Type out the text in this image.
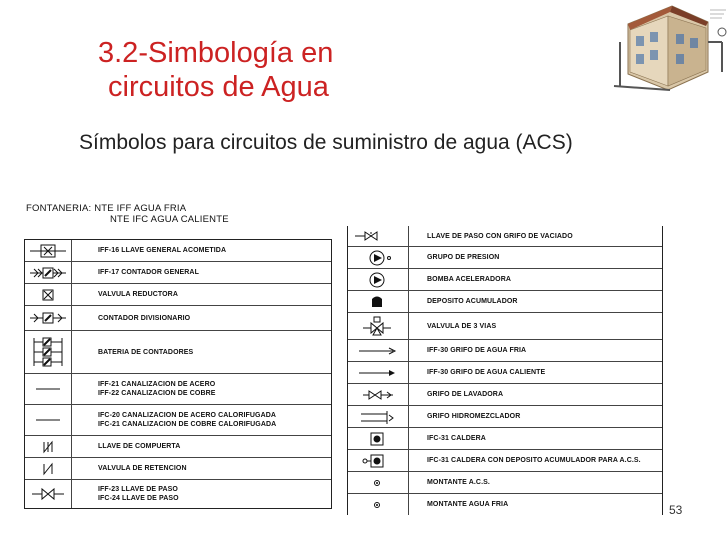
3.2-Simbología en
circuitos de Agua
Símbolos para circuitos de suministro de agua (ACS)
FONTANERIA: NTE IFF AGUA FRIA
NTE IFC AGUA CALIENTE
IFF-16 LLAVE GENERAL ACOMETIDA
IFF-17 CONTADOR GENERAL
VALVULA REDUCTORA
CONTADOR DIVISIONARIO
BATERIA DE CONTADORES
IFF-21 CANALIZACION DE ACERO
IFF-22 CANALIZACION DE COBRE
IFC-20 CANALIZACION DE ACERO CALORIFUGADA
IFC-21 CANALIZACION DE COBRE CALORIFUGADA
LLAVE DE COMPUERTA
VALVULA DE RETENCION
IFF-23 LLAVE DE PASO
IFC-24 LLAVE DE PASO
LLAVE DE PASO CON GRIFO DE VACIADO
GRUPO DE PRESION
BOMBA ACELERADORA
DEPOSITO ACUMULADOR
VALVULA DE 3 VIAS
IFF-30 GRIFO DE AGUA FRIA
IFF-30 GRIFO DE AGUA CALIENTE
GRIFO DE LAVADORA
GRIFO HIDROMEZCLADOR
IFC-31 CALDERA
IFC-31 CALDERA CON DEPOSITO ACUMULADOR PARA A.C.S.
MONTANTE A.C.S.
MONTANTE AGUA FRIA	53
